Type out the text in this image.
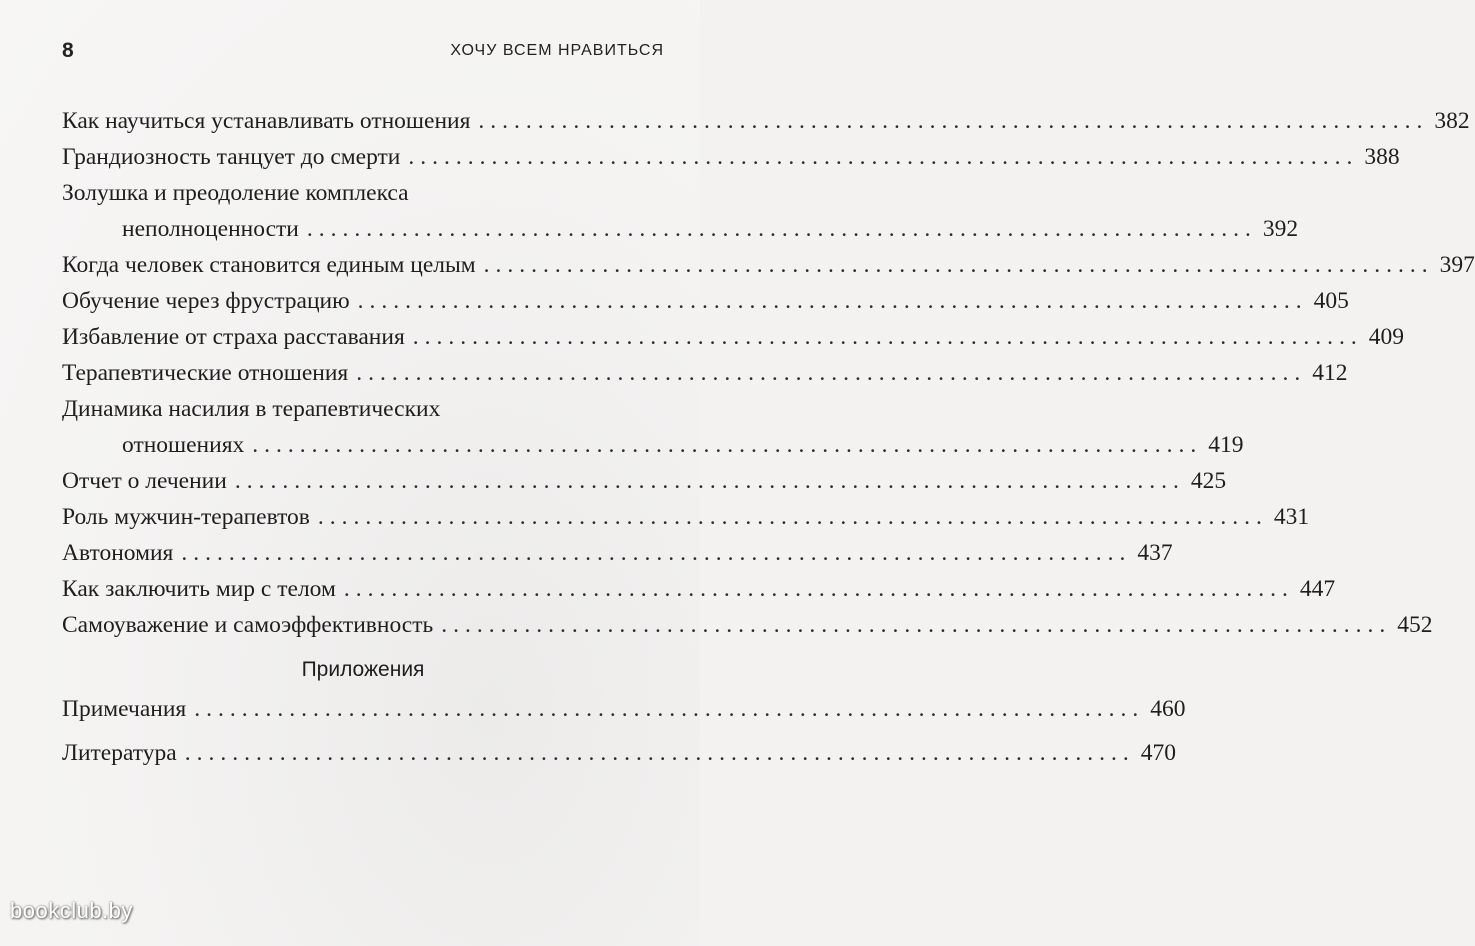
8	ХОЧУ ВСЕМ НРАВИТЬСЯ
Как научиться устанавливать отношения ................................................................................ 382
Грандиозность танцует до смерти ................................................................................ 388
Золушка и преодоление комплекса
неполноценности ................................................................................ 392
Когда человек становится единым целым ................................................................................ 397
Обучение через фрустрацию ................................................................................ 405
Избавление от страха расставания ................................................................................ 409
Терапевтические отношения ................................................................................ 412
Динамика насилия в терапевтических
отношениях ................................................................................ 419
Отчет о лечении ................................................................................ 425
Роль мужчин-терапевтов ................................................................................ 431
Автономия ................................................................................ 437
Как заключить мир с телом ................................................................................ 447
Самоуважение и самоэффективность ................................................................................ 452
Приложения
Примечания ................................................................................ 460
Литература ................................................................................ 470
bookclub.by
